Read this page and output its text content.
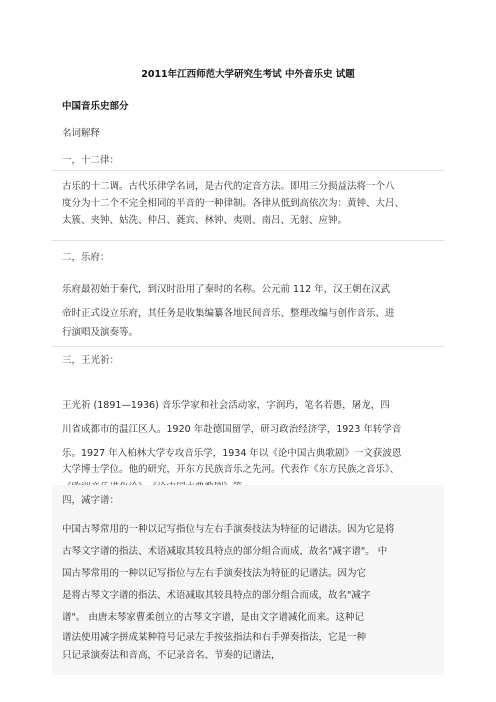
2011年江西师范大学研究生考试 中外音乐史 试题
中国音乐史部分
名词解释
一，十二律：
古乐的十二调。古代乐律学名词，是古代的定音方法。即用三分损益法将一个八
度分为十二个不完全相同的半音的一种律制。各律从低到高依次为：黄钟、大吕、
太簇、夹钟、姑洗、仲吕、蕤宾、林钟、夷则、南吕、无射、应钟。
二，乐府：
乐府最初始于秦代，到汉时沿用了秦时的名称。公元前 112 年，汉王朝在汉武
帝时正式设立乐府，其任务是收集编纂各地民间音乐、整理改编与创作音乐、进
行演唱及演奏等。
三，王光祈：
王光祈 (1891—1936) 音乐学家和社会活动家，字润玙，笔名若愚，屠龙，四
川省成都市的温江区人。1920 年赴德国留学，研习政治经济学，1923 年转学音
乐。1927 年入柏林大学专攻音乐学，1934 年以《论中国古典歌剧》一文获波恩
大学博士学位。他的研究，开东方民族音乐之先河。代表作《东方民族之音乐》、
四，减字谱：
中国古琴常用的一种以记写指位与左右手演奏技法为特征的记谱法。因为它是将
古琴文字谱的指法、术语减取其较具特点的部分组合而成，故名"减字谱"。 中
国古琴常用的一种以记写指位与左右手演奏技法为特征的记谱法。因为它
是将古琴文字谱的指法、术语减取其较具特点的部分组合而成，故名"减字
谱"。 由唐末琴家曹柔创立的古琴文字谱，是由文字谱减化而来。这种记
谱法使用减字拼成某种符号记录左手按弦指法和右手弹奏指法，它是一种
只记录演奏法和音高，不记录音名、节奏的记谱法，
